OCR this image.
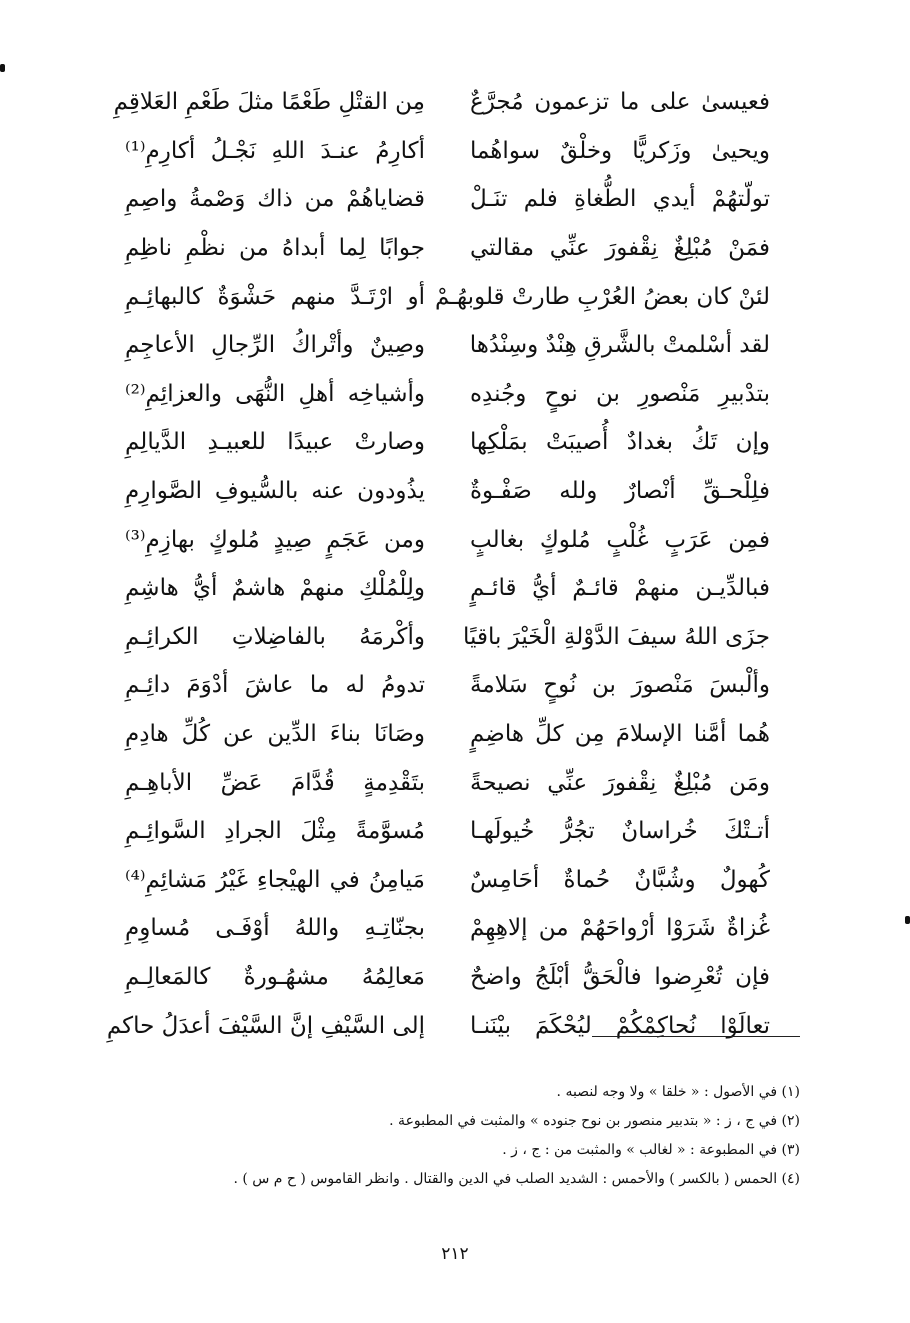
فعيسىٰ على ما تزعمون مُجرَّعٌ
مِن القتْلِ طَعْمًا مثلَ طَعْمِ العَلاقِمِ
ويحيىٰ وزَكريًّا وخلْقٌ سواهُما
أكارِمُ عنـدَ اللهِ نَجْـلُ أكارِمِ⁽¹⁾
تولّتهُمْ أيدي الطُّغاةِ فلم تنَـلْ
قضاياهُمْ من ذاك وَصْمةُ واصِمِ
فمَنْ مُبْلِغٌ نِقْفورَ عنِّي مقالتي
جوابًا لِما أبداهُ من نظْمِ ناظِمِ
لئنْ كان بعضُ العُرْبِ طارتْ قلوبهُـمْ
أو ارْتَـدَّ منهم حَشْوَةٌ كالبهائِـمِ
لقد أسْلمتْ بالشَّرقِ هِنْدٌ وسِنْدُها
وصِينٌ وأتْراكُ الرِّجالِ الأعاجِمِ
بتدْبيرِ مَنْصورِ بن نوحٍ وجُندِه
وأشياخِه أهلِ النُّهَى والعزائِمِ⁽²⁾
وإن تَكُ بغدادٌ أُصيبَتْ بمَلْكِها
وصارتْ عبيدًا للعبيـدِ الدَّيالِمِ
فلِلْحـقِّ أنْصارٌ ولله صَفْـوةٌ
يذُودون عنه بالسُّيوفِ الصَّوارِمِ
فمِن عَرَبٍ غُلْبٍ مُلوكٍ بغالبٍ
ومن عَجَمٍ صِيدٍ مُلوكٍ بهازِمِ⁽³⁾
فبالدِّيـن منهمْ قائـمٌ أيُّ قائـمٍ
ولِلْمُلْكِ منهمْ هاشمٌ أيُّ هاشِمِ
جزَى اللهُ سيفَ الدَّوْلةِ الْخَيْرَ باقيًا
وأكْرمَهُ بالفاضِلاتِ الكرائِـمِ
وألْبسَ مَنْصورَ بن نُوحٍ سَلامةً
تدومُ له ما عاشَ أدْوَمَ دائِـمِ
هُما أمَّنا الإسلامَ مِن كلِّ هاضِمٍ
وصَانَا بناءَ الدِّين عن كُلِّ هادِمِ
ومَن مُبْلِغٌ نِقْفورَ عنِّي نصيحةً
بتَقْدِمةٍ قُدَّامَ عَضِّ الأباهِـمِ
أتـتْكَ خُراسانٌ تجُرُّ خُيولَهـا
مُسوَّمةً مِثْلَ الجرادِ السَّوائِـمِ
كُهولٌ وشُبَّانٌ حُماةٌ أحَامِسٌ
مَيامِنُ في الهيْجاءِ غَيْرُ مَشائِمِ⁽⁴⁾
غُزاةٌ شَرَوْا أرْواحَهُمْ من إلاهِهِمْ
بجنّاتِـهِ واللهُ أوْفَـى مُساوِمِ
فإن تُعْرِضوا فالْحَقُّ أبْلَجُ واضحٌ
مَعالِمُهُ مشهُـورةٌ كالمَعالِـمِ
تعالَوْا نُحاكِمْكُمْ ليُحْكَمَ بيْنَنـا
إلى السَّيْفِ إنَّ السَّيْفَ أعدَلُ حاكمِ
(١) في الأصول : « خلقا » ولا وجه لنصبه .
(٢) في ج ، ز : « بتدبير منصور بن نوح جنوده » والمثبت في المطبوعة .
(٣) في المطبوعة : « لغالب » والمثبت من : ج ، ز .
(٤) الحمس ( بالكسر ) والأحمس : الشديد الصلب في الدين والقتال . وانظر القاموس ( ح م س ) .
٢١٢
